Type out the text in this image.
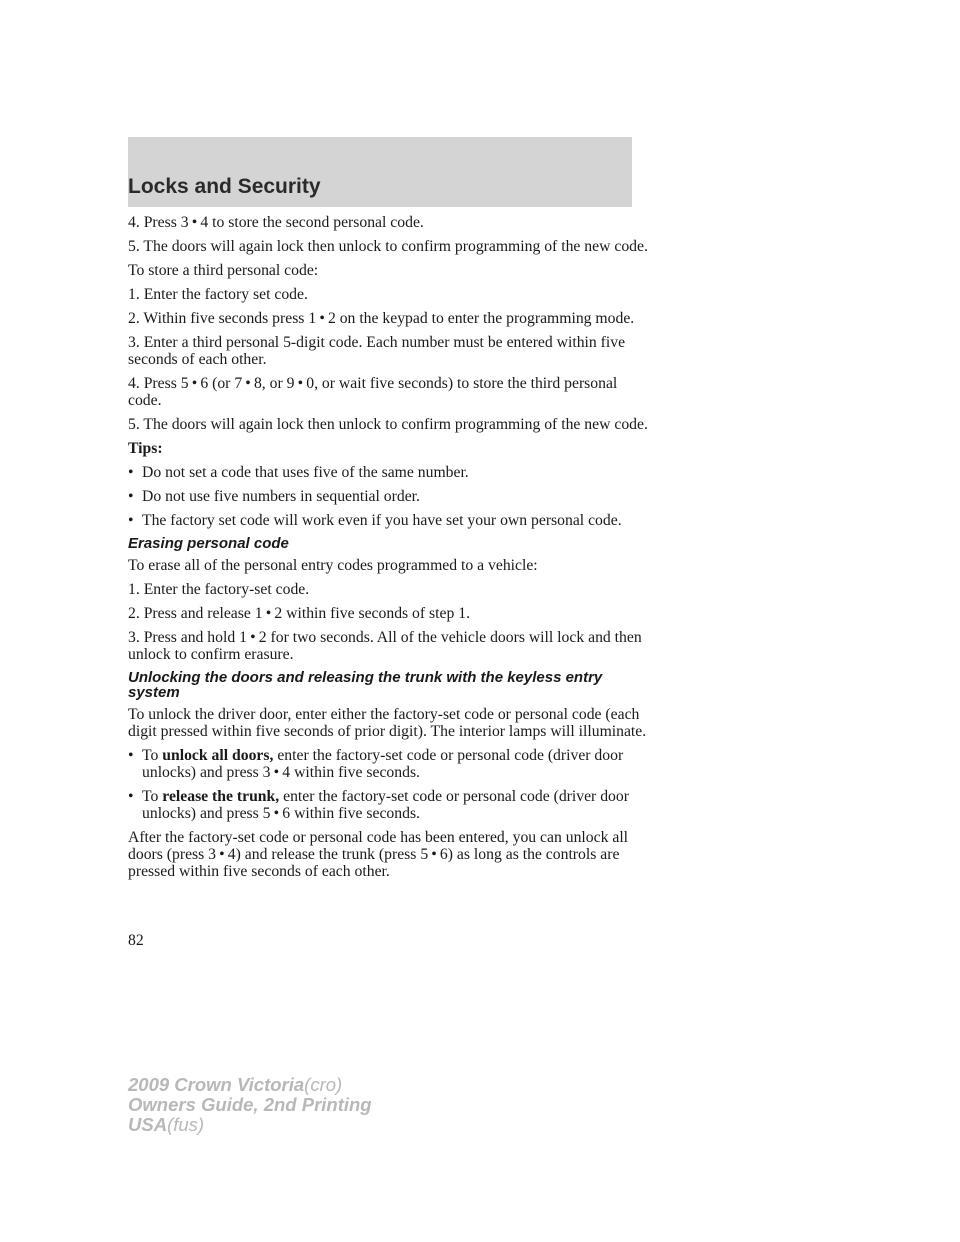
Locks and Security

4. Press 3 • 4 to store the second personal code.

5. The doors will again lock then unlock to confirm programming of the new code.

To store a third personal code:

1. Enter the factory set code.

2. Within five seconds press 1 • 2 on the keypad to enter the programming mode.

3. Enter a third personal 5-digit code. Each number must be entered within five seconds of each other.

4. Press 5 • 6 (or 7 • 8, or 9 • 0, or wait five seconds) to store the third personal code.

5. The doors will again lock then unlock to confirm programming of the new code.

Tips:

• Do not set a code that uses five of the same number.
• Do not use five numbers in sequential order.
• The factory set code will work even if you have set your own personal code.
Erasing personal code

To erase all of the personal entry codes programmed to a vehicle:

1. Enter the factory-set code.

2. Press and release 1 • 2 within five seconds of step 1.

3. Press and hold 1 • 2 for two seconds. All of the vehicle doors will lock and then unlock to confirm erasure.

Unlocking the doors and releasing the trunk with the keyless entry system

To unlock the driver door, enter either the factory-set code or personal code (each digit pressed within five seconds of prior digit). The interior lamps will illuminate.

• To unlock all doors, enter the factory-set code or personal code (driver door unlocks) and press 3 • 4 within five seconds.
• To release the trunk, enter the factory-set code or personal code (driver door unlocks) and press 5 • 6 within five seconds.

After the factory-set code or personal code has been entered, you can unlock all doors (press 3 • 4) and release the trunk (press 5 • 6) as long as the controls are pressed within five seconds of each other.

82
2009 Crown Victoria(cro)
Owners Guide, 2nd Printing
USA(fus)
